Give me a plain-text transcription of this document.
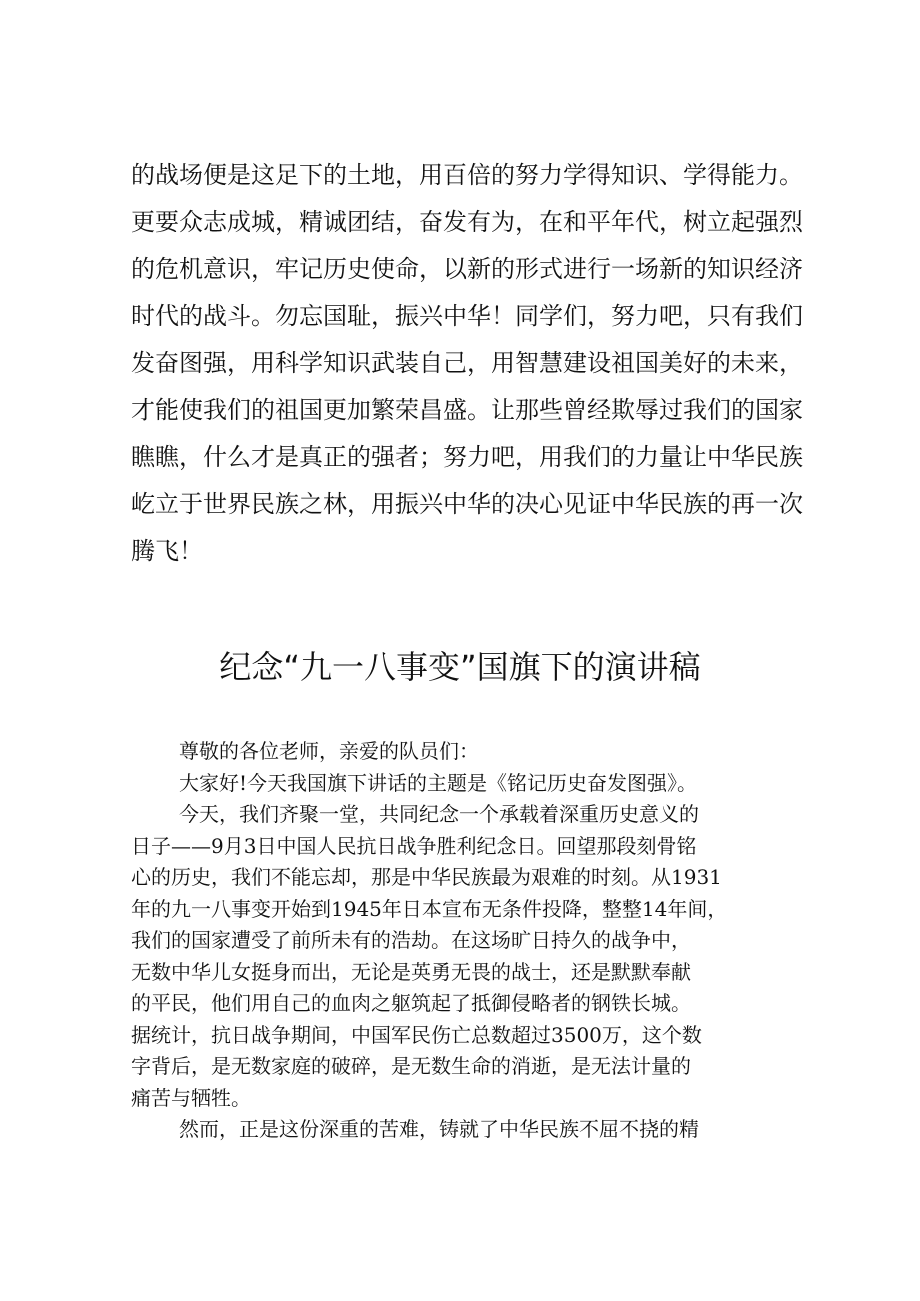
的战场便是这足下的土地，用百倍的努力学得知识、学得能力。
更要众志成城，精诚团结，奋发有为，在和平年代，树立起强烈
的危机意识，牢记历史使命，以新的形式进行一场新的知识经济
时代的战斗。勿忘国耻，振兴中华！同学们，努力吧，只有我们
发奋图强，用科学知识武装自己，用智慧建设祖国美好的未来，
才能使我们的祖国更加繁荣昌盛。让那些曾经欺辱过我们的国家
瞧瞧，什么才是真正的强者；努力吧，用我们的力量让中华民族
屹立于世界民族之林，用振兴中华的决心见证中华民族的再一次
腾飞！
纪念“九一八事变”国旗下的演讲稿
尊敬的各位老师，亲爱的队员们：
大家好!今天我国旗下讲话的主题是《铭记历史奋发图强》。
今天，我们齐聚一堂，共同纪念一个承载着深重历史意义的
日子——9月3日中国人民抗日战争胜利纪念日。回望那段刻骨铭
心的历史，我们不能忘却，那是中华民族最为艰难的时刻。从1931
年的九一八事变开始到1945年日本宣布无条件投降，整整14年间，
我们的国家遭受了前所未有的浩劫。在这场旷日持久的战争中，
无数中华儿女挺身而出，无论是英勇无畏的战士，还是默默奉献
的平民，他们用自己的血肉之躯筑起了抵御侵略者的钢铁长城。
据统计，抗日战争期间，中国军民伤亡总数超过3500万，这个数
字背后，是无数家庭的破碎，是无数生命的消逝，是无法计量的
痛苦与牺牲。
然而，正是这份深重的苦难，铸就了中华民族不屈不挠的精
